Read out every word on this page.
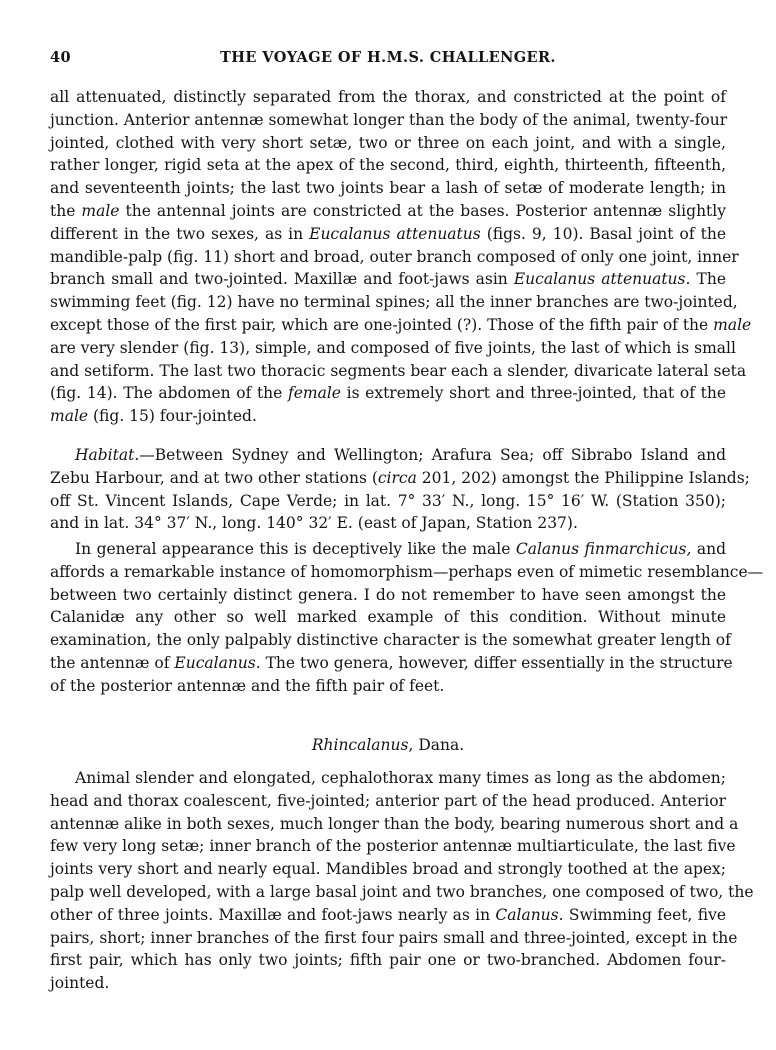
40	THE VOYAGE OF H.M.S. CHALLENGER.
all attenuated, distinctly separated from the thorax, and constricted at the point of
junction. Anterior antennæ somewhat longer than the body of the animal, twenty-four
jointed, clothed with very short setæ, two or three on each joint, and with a single,
rather longer, rigid seta at the apex of the second, third, eighth, thirteenth, fifteenth,
and seventeenth joints; the last two joints bear a lash of setæ of moderate length; in
the male the antennal joints are constricted at the bases. Posterior antennæ slightly
different in the two sexes, as in Eucalanus attenuatus (figs. 9, 10). Basal joint of the
mandible-palp (fig. 11) short and broad, outer branch composed of only one joint, inner
branch small and two-jointed. Maxillæ and foot-jaws asin Eucalanus attenuatus. The
swimming feet (fig. 12) have no terminal spines; all the inner branches are two-jointed,
except those of the first pair, which are one-jointed (?). Those of the fifth pair of the male
are very slender (fig. 13), simple, and composed of five joints, the last of which is small
and setiform. The last two thoracic segments bear each a slender, divaricate lateral seta
(fig. 14). The abdomen of the female is extremely short and three-jointed, that of the
male (fig. 15) four-jointed.
Habitat.—Between Sydney and Wellington; Arafura Sea; off Sibrabo Island and
Zebu Harbour, and at two other stations (circa 201, 202) amongst the Philippine Islands;
off St. Vincent Islands, Cape Verde; in lat. 7° 33′ N., long. 15° 16′ W. (Station 350);
and in lat. 34° 37′ N., long. 140° 32′ E. (east of Japan, Station 237).
In general appearance this is deceptively like the male Calanus finmarchicus, and
affords a remarkable instance of homomorphism—perhaps even of mimetic resemblance—
between two certainly distinct genera. I do not remember to have seen amongst the
Calanidæ any other so well marked example of this condition. Without minute
examination, the only palpably distinctive character is the somewhat greater length of
the antennæ of Eucalanus. The two genera, however, differ essentially in the structure
of the posterior antennæ and the fifth pair of feet.
Rhincalanus, Dana.
Animal slender and elongated, cephalothorax many times as long as the abdomen;
head and thorax coalescent, five-jointed; anterior part of the head produced. Anterior
antennæ alike in both sexes, much longer than the body, bearing numerous short and a
few very long setæ; inner branch of the posterior antennæ multiarticulate, the last five
joints very short and nearly equal. Mandibles broad and strongly toothed at the apex;
palp well developed, with a large basal joint and two branches, one composed of two, the
other of three joints. Maxillæ and foot-jaws nearly as in Calanus. Swimming feet, five
pairs, short; inner branches of the first four pairs small and three-jointed, except in the
first pair, which has only two joints; fifth pair one or two-branched. Abdomen four-
jointed.
